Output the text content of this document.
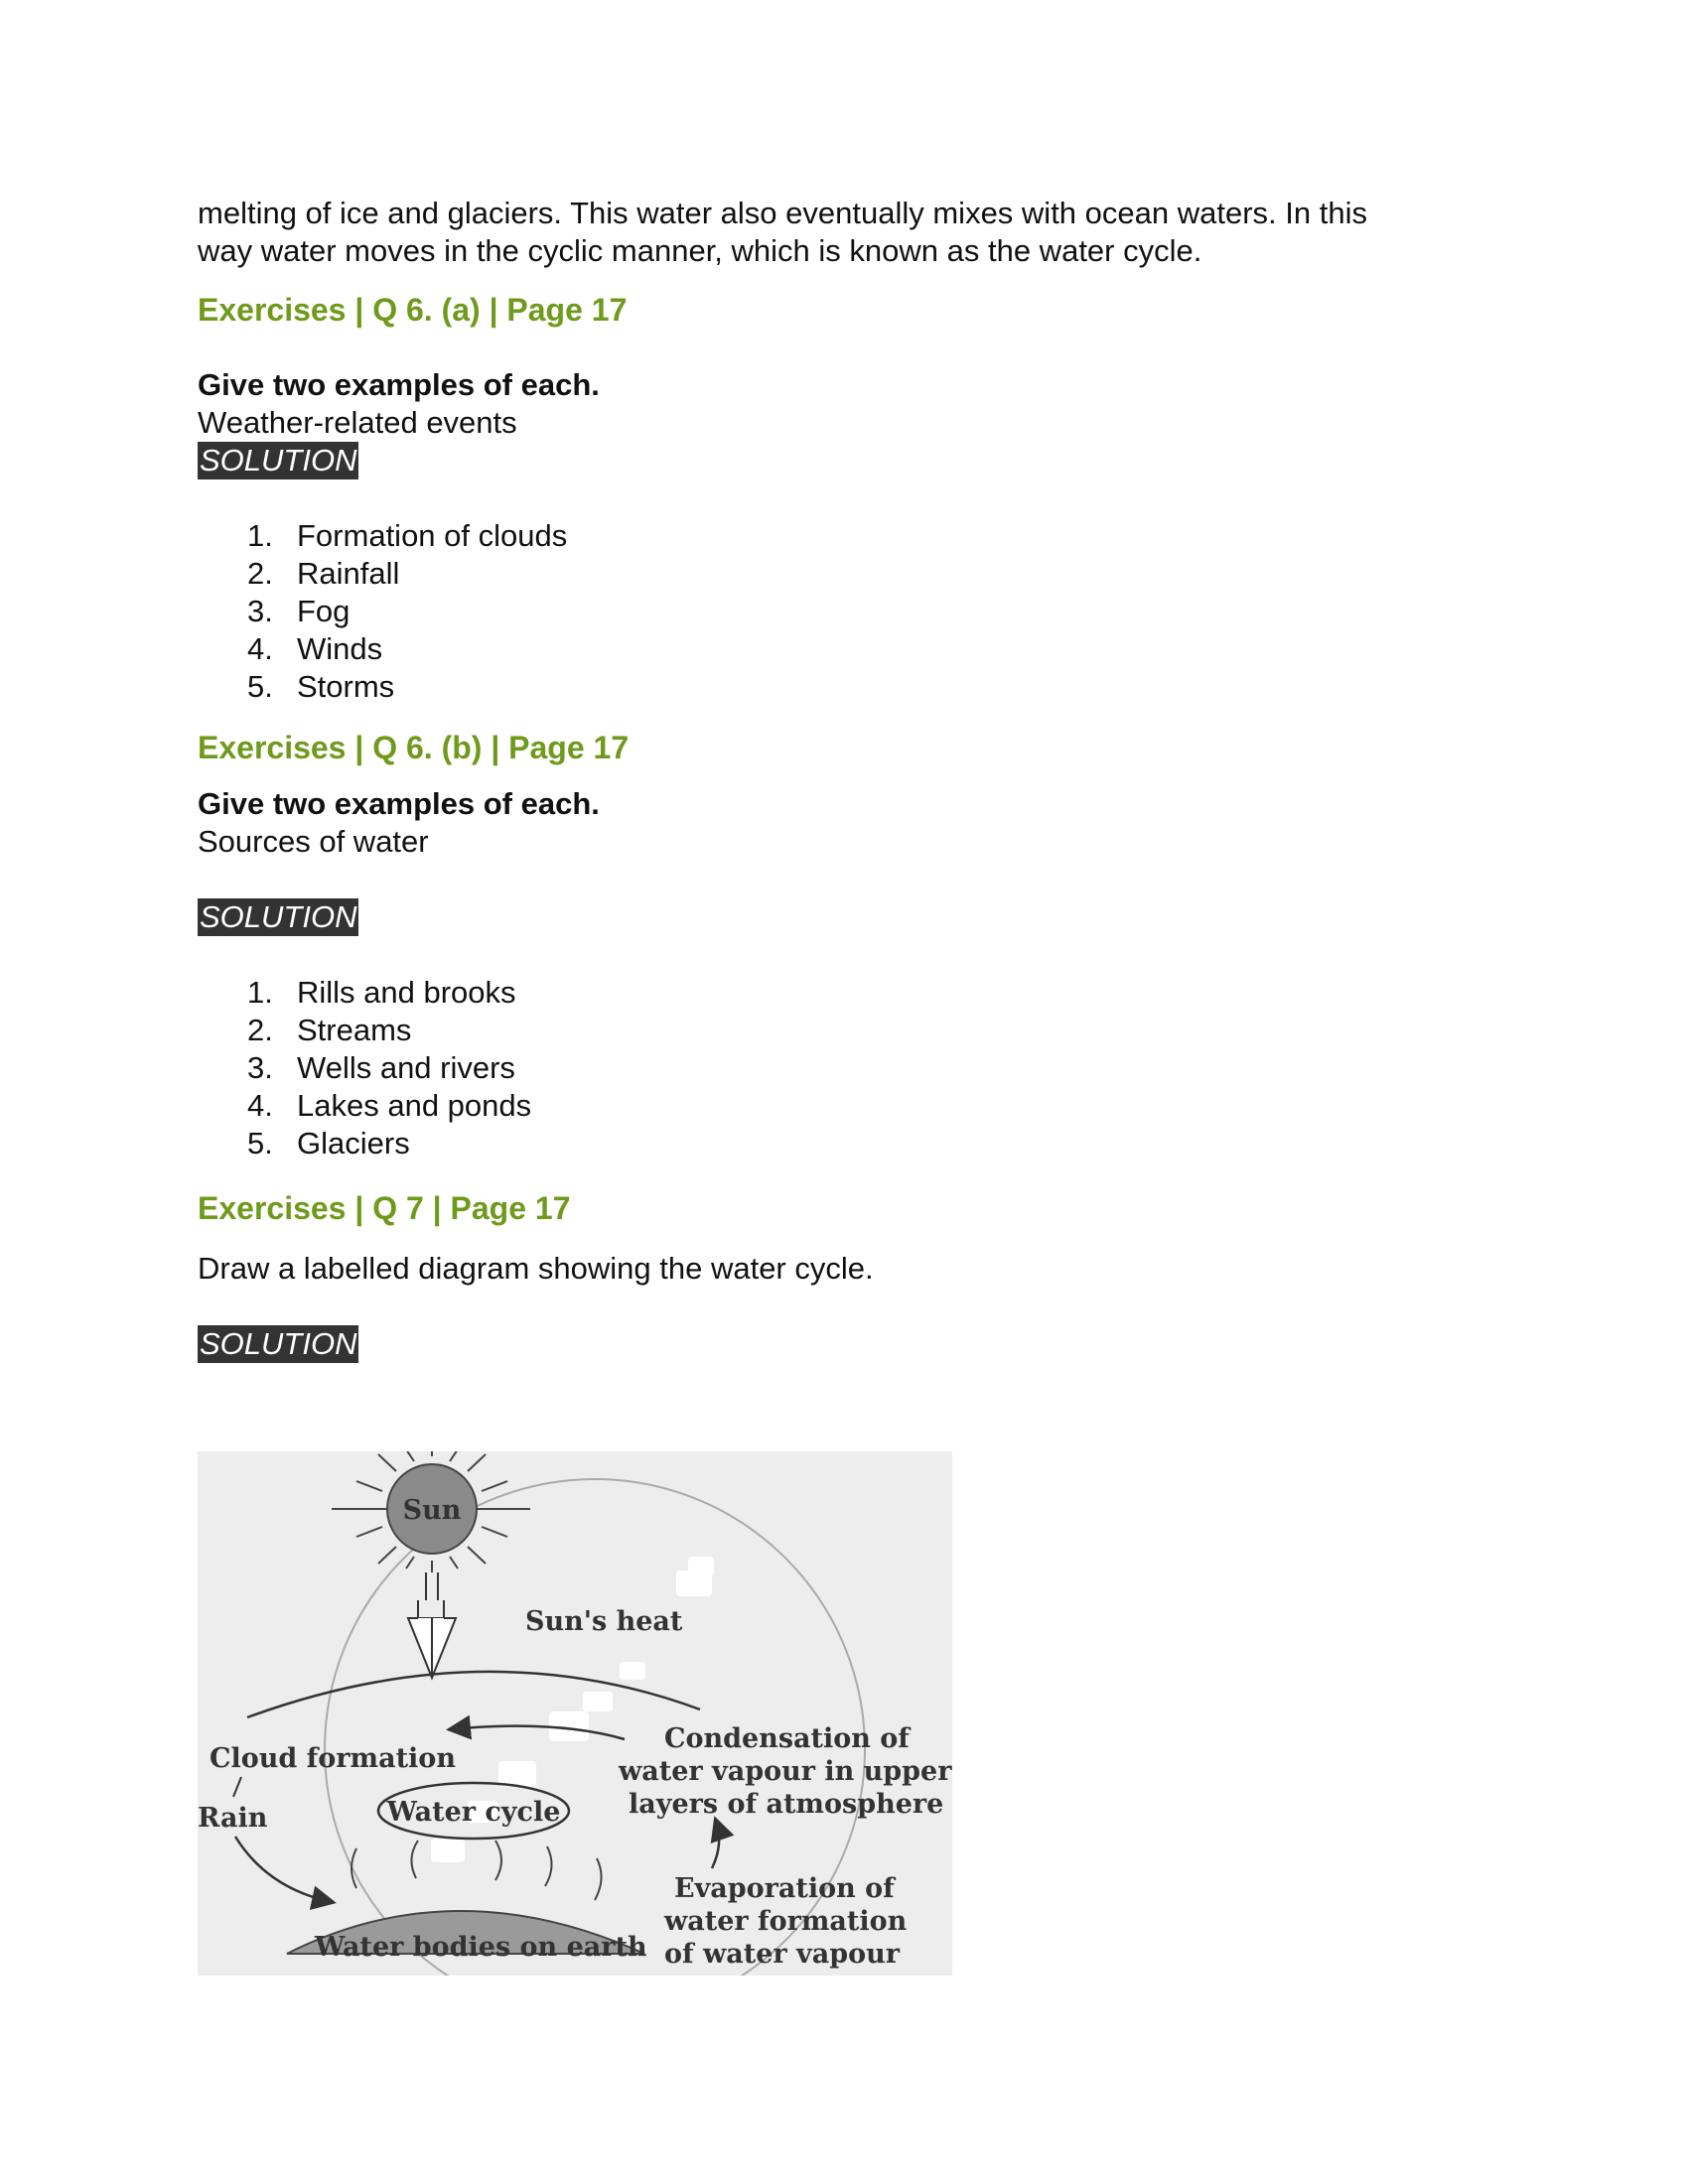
melting of ice and glaciers. This water also eventually mixes with ocean waters. In this

way water moves in the cyclic manner, which is known as the water cycle.

Exercises | Q 6. (a) | Page 17

Give two examples of each.

Weather-related events

SOLUTION
1. Formation of clouds
2. Rainfall
3. Fog
4. Winds
5. Storms

Exercises | Q 6. (b) | Page 17

Give two examples of each.

Sources of water

SOLUTION
1. Rills and brooks
2. Streams
3. Wells and rivers
4. Lakes and ponds
5. Glaciers

Exercises | Q 7 | Page 17

Draw a labelled diagram showing the water cycle.

SOLUTION
Sun
Sun's heat
Cloud formation
Rain	Water cycle
Condensation of
water vapour in upper
layers of atmosphere
Evaporation of
water formation
of water vapour
Water bodies on earth
